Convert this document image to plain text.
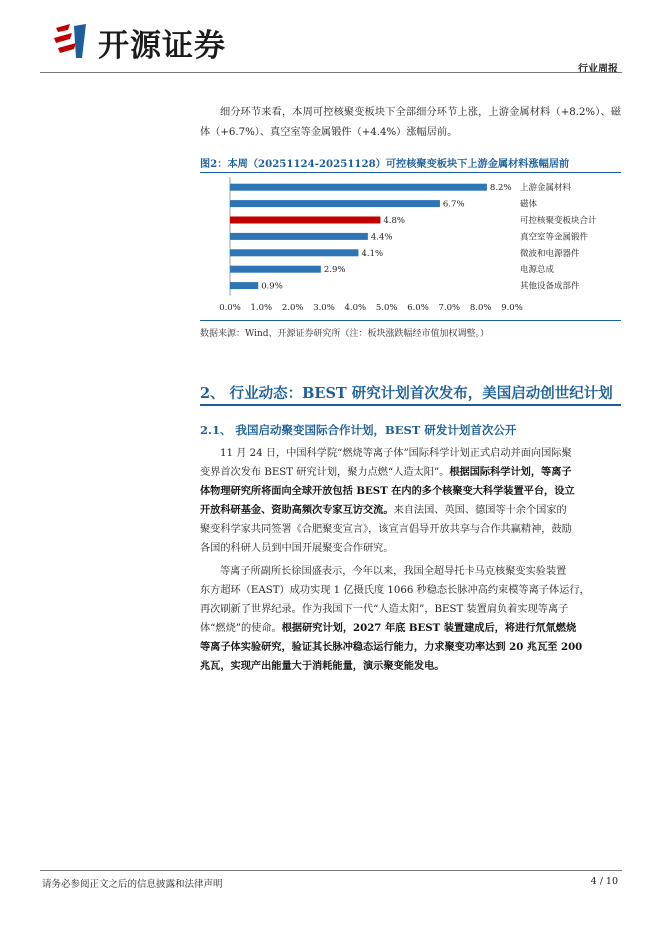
开源证券
行业周报
细分环节来看，本周可控核聚变板块下全部细分环节上涨，上游金属材料（+8.2%）、磁体（+6.7%）、真空室等金属锻件（+4.4%）涨幅居前。
图2：本周（20251124-20251128）可控核聚变板块下上游金属材料涨幅居前
8.2%
6.7%
4.8%
4.4%
4.1%
2.9%
0.9%
上游金属材料
磁体
可控核聚变板块合计
真空室等金属锻件
微波和电源器件
电源总成
其他设备成部件
0.0% 1.0% 2.0% 3.0% 4.0% 5.0% 6.0% 7.0% 8.0% 9.0%
数据来源：Wind、开源证券研究所（注：板块涨跌幅经市值加权调整。）
2、 行业动态：BEST 研究计划首次发布，美国启动创世纪计划
2.1、 我国启动聚变国际合作计划，BEST 研发计划首次公开
11 月 24 日，中国科学院“燃烧等离子体”国际科学计划正式启动并面向国际聚
变界首次发布 BEST 研究计划，聚力点燃“人造太阳”。根据国际科学计划，等离子
体物理研究所将面向全球开放包括 BEST 在内的多个核聚变大科学装置平台，设立
开放科研基金、资助高频次专家互访交流。来自法国、英国、德国等十余个国家的
聚变科学家共同签署《合肥聚变宣言》，该宣言倡导开放共享与合作共赢精神，鼓励
各国的科研人员到中国开展聚变合作研究。
等离子所副所长徐国盛表示，今年以来，我国全超导托卡马克核聚变实验装置
东方超环（EAST）成功实现 1 亿摄氏度 1066 秒稳态长脉冲高约束模等离子体运行，
再次刷新了世界纪录。作为我国下一代“人造太阳”，BEST 装置肩负着实现等离子
体“燃烧”的使命。根据研究计划，2027 年底 BEST 装置建成后，将进行氘氚燃烧
等离子体实验研究，验证其长脉冲稳态运行能力，力求聚变功率达到 20 兆瓦至 200
兆瓦，实现产出能量大于消耗能量，演示聚变能发电。
请务必参阅正文之后的信息披露和法律声明	4 / 10
